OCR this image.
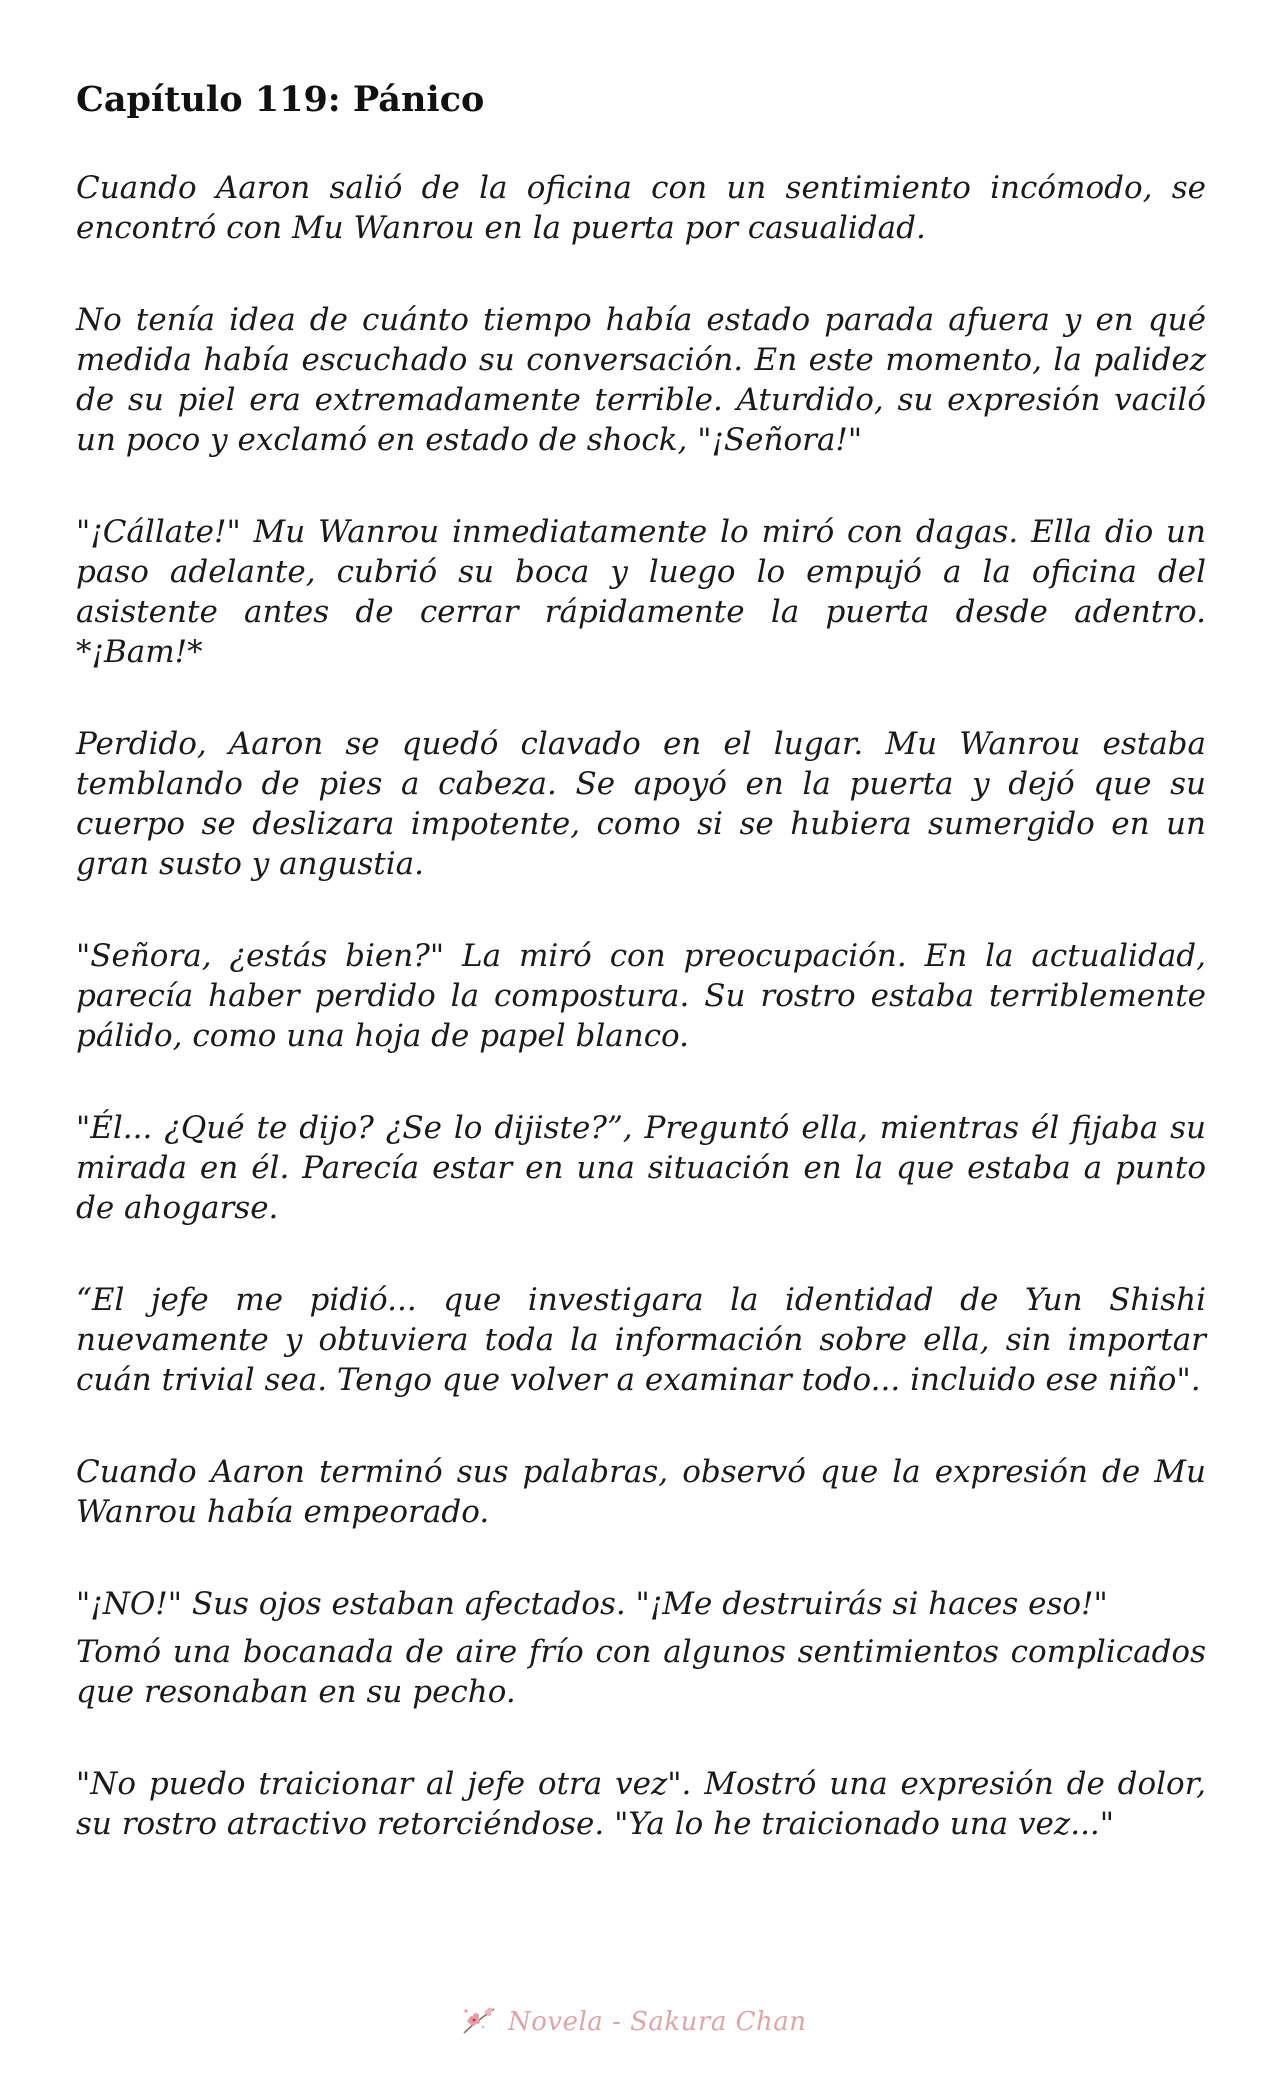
Capítulo 119: Pánico

Cuando Aaron salió de la oficina con un sentimiento incómodo, se encontró con Mu Wanrou en la puerta por casualidad.

No tenía idea de cuánto tiempo había estado parada afuera y en qué medida había escuchado su conversación. En este momento, la palidez de su piel era extremadamente terrible. Aturdido, su expresión vaciló un poco y exclamó en estado de shock, "¡Señora!"

"¡Cállate!" Mu Wanrou inmediatamente lo miró con dagas. Ella dio un paso adelante, cubrió su boca y luego lo empujó a la oficina del asistente antes de cerrar rápidamente la puerta desde adentro. *¡Bam!*

Perdido, Aaron se quedó clavado en el lugar. Mu Wanrou estaba temblando de pies a cabeza. Se apoyó en la puerta y dejó que su cuerpo se deslizara impotente, como si se hubiera sumergido en un gran susto y angustia.

"Señora, ¿estás bien?" La miró con preocupación. En la actualidad, parecía haber perdido la compostura. Su rostro estaba terriblemente pálido, como una hoja de papel blanco.

"Él... ¿Qué te dijo? ¿Se lo dijiste?”, Preguntó ella, mientras él fijaba su mirada en él. Parecía estar en una situación en la que estaba a punto de ahogarse.

“El jefe me pidió... que investigara la identidad de Yun Shishi nuevamente y obtuviera toda la información sobre ella, sin importar cuán trivial sea. Tengo que volver a examinar todo... incluido ese niño".

Cuando Aaron terminó sus palabras, observó que la expresión de Mu Wanrou había empeorado.

"¡NO!" Sus ojos estaban afectados. "¡Me destruirás si haces eso!"

Tomó una bocanada de aire frío con algunos sentimientos complicados que resonaban en su pecho.

"No puedo traicionar al jefe otra vez". Mostró una expresión de dolor, su rostro atractivo retorciéndose. "Ya lo he traicionado una vez..."

Novela - Sakura Chan
